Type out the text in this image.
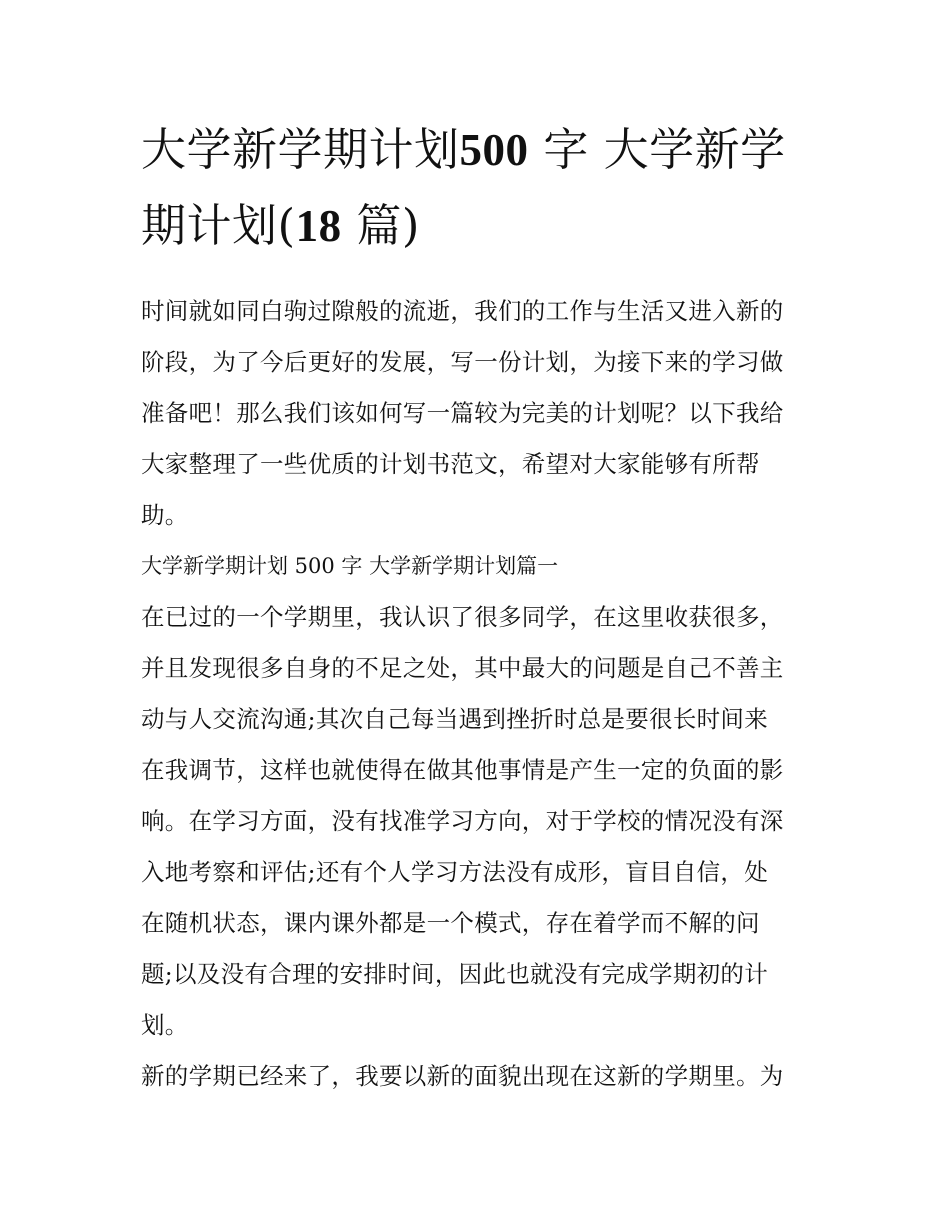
大学新学期计划500 字 大学新学期计划(18 篇)

时间就如同白驹过隙般的流逝，我们的工作与生活又进入新的

阶段，为了今后更好的发展，写一份计划，为接下来的学习做

准备吧！那么我们该如何写一篇较为完美的计划呢？以下我给

大家整理了一些优质的计划书范文，希望对大家能够有所帮

助。

大学新学期计划 500 字 大学新学期计划篇一

在已过的一个学期里，我认识了很多同学，在这里收获很多，

并且发现很多自身的不足之处，其中最大的问题是自己不善主

动与人交流沟通;其次自己每当遇到挫折时总是要很长时间来

在我调节，这样也就使得在做其他事情是产生一定的负面的影

响。在学习方面，没有找准学习方向，对于学校的情况没有深

入地考察和评估;还有个人学习方法没有成形，盲目自信，处

在随机状态，课内课外都是一个模式，存在着学而不解的问

题;以及没有合理的安排时间，因此也就没有完成学期初的计

划。

新的学期已经来了，我要以新的面貌出现在这新的学期里。为
